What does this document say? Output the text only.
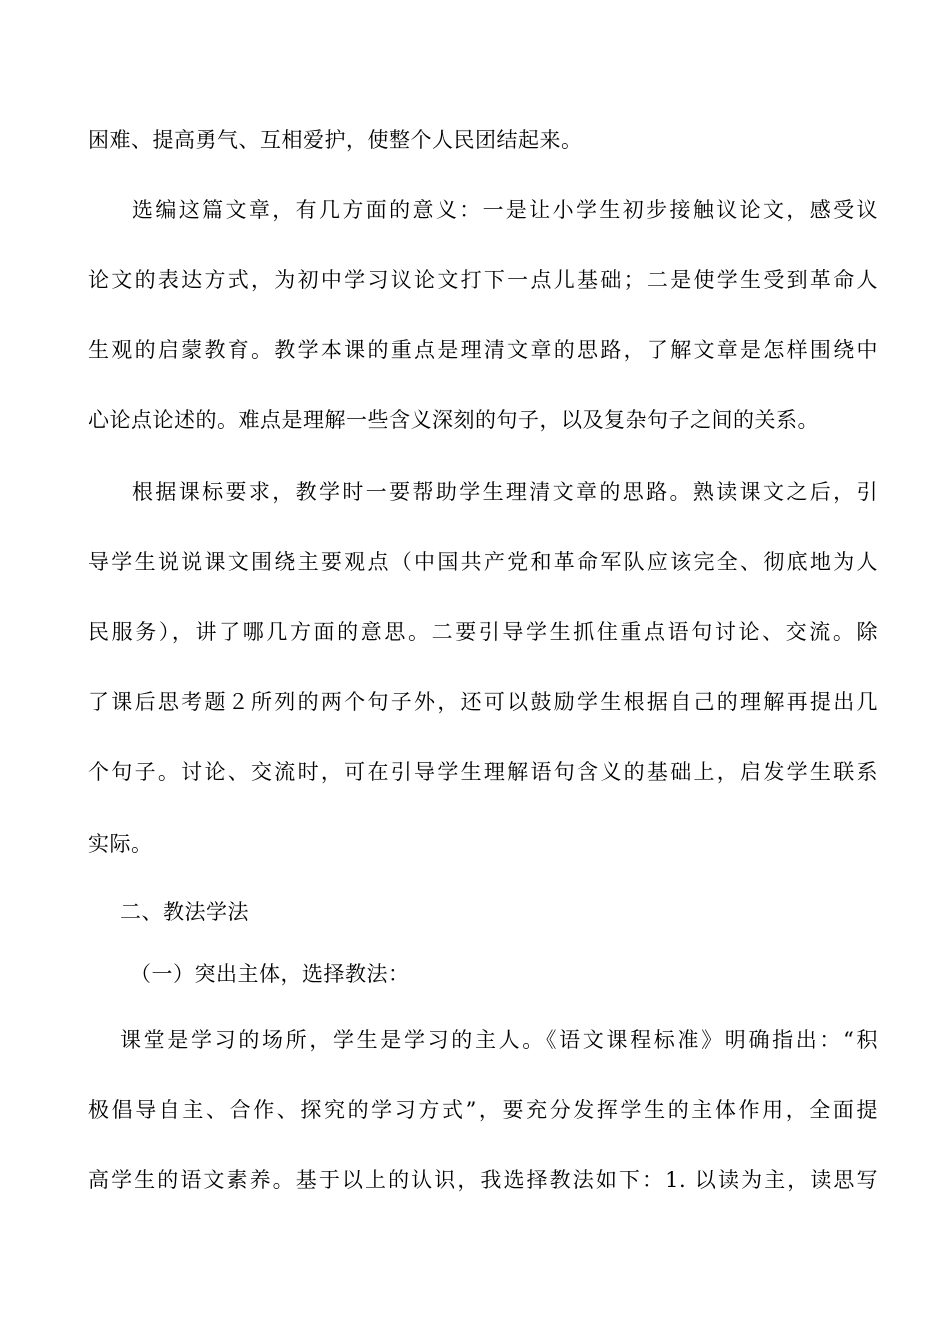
困难、提高勇气、互相爱护，使整个人民团结起来。
选编这篇文章，有几方面的意义：一是让小学生初步接触议论文，感受议
论文的表达方式，为初中学习议论文打下一点儿基础；二是使学生受到革命人
生观的启蒙教育。教学本课的重点是理清文章的思路，了解文章是怎样围绕中
心论点论述的。难点是理解一些含义深刻的句子，以及复杂句子之间的关系。
根据课标要求，教学时一要帮助学生理清文章的思路。熟读课文之后，引
导学生说说课文围绕主要观点（中国共产党和革命军队应该完全、彻底地为人
民服务），讲了哪几方面的意思。二要引导学生抓住重点语句讨论、交流。除
了课后思考题２所列的两个句子外，还可以鼓励学生根据自己的理解再提出几
个句子。讨论、交流时，可在引导学生理解语句含义的基础上，启发学生联系
实际。
二、教法学法
（一）突出主体，选择教法：
课堂是学习的场所，学生是学习的主人。《语文课程标准》明确指出：“积
极倡导自主、合作、探究的学习方式”，要充分发挥学生的主体作用，全面提
高学生的语文素养。基于以上的认识，我选择教法如下：1. 以读为主，读思写
